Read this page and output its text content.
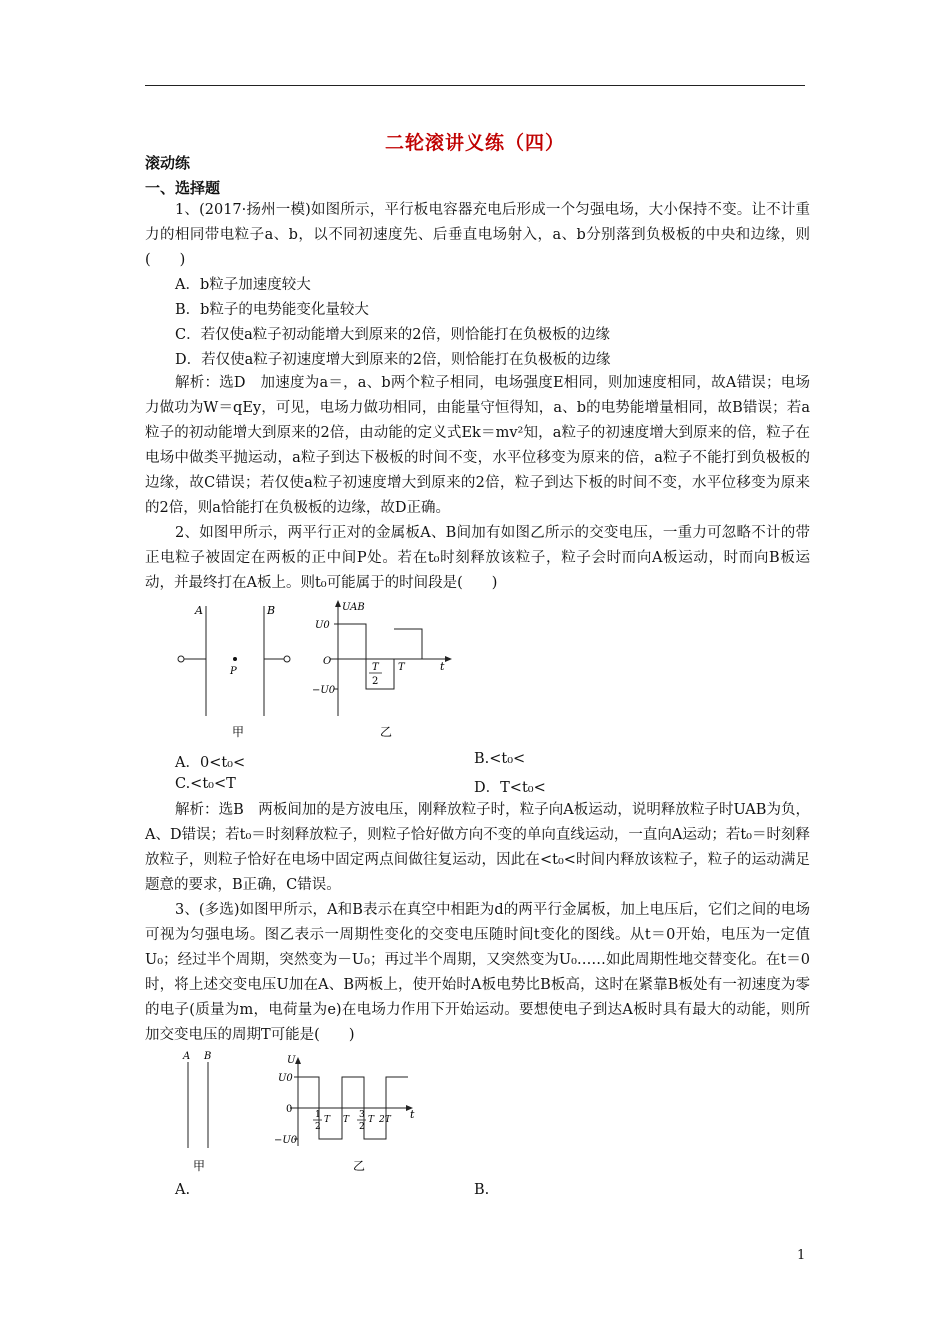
二轮滚讲义练（四）
滚动练
一、选择题
1、(2017·扬州一模)如图所示，平行板电容器充电后形成一个匀强电场，大小保持不变。让不计重力的相同带电粒子a、b，以不同初速度先、后垂直电场射入，a、b分别落到负极板的中央和边缘，则(　　)
A．b粒子加速度较大
B．b粒子的电势能变化量较大
C．若仅使a粒子初动能增大到原来的2倍，则恰能打在负极板的边缘
D．若仅使a粒子初速度增大到原来的2倍，则恰能打在负极板的边缘
解析：选D　加速度为a＝，a、b两个粒子相同，电场强度E相同，则加速度相同，故A错误；电场力做功为W＝qEy，可见，电场力做功相同，由能量守恒得知，a、b的电势能增量相同，故B错误；若a粒子的初动能增大到原来的2倍，由动能的定义式Ek＝mv²知，a粒子的初速度增大到原来的倍，粒子在电场中做类平抛运动，a粒子到达下极板的时间不变，水平位移变为原来的倍，a粒子不能打到负极板的边缘，故C错误；若仅使a粒子初速度增大到原来的2倍，粒子到达下板的时间不变，水平位移变为原来的2倍，则a恰能打在负极板的边缘，故D正确。
2、如图甲所示，两平行正对的金属板A、B间加有如图乙所示的交变电压，一重力可忽略不计的带正电粒子被固定在两板的正中间P处。若在t₀时刻释放该粒子，粒子会时而向A板运动，时而向B板运动，并最终打在A板上。则t₀可能属于的时间段是(　　)
A	B
P
UAB
U0
O
−U0
T
2
T	t
甲	乙
A．0<t₀<	B.<t₀<
C.<t₀<T	D．T<t₀<
解析：选B　两板间加的是方波电压，刚释放粒子时，粒子向A板运动，说明释放粒子时UAB为负，A、D错误；若t₀＝时刻释放粒子，则粒子恰好做方向不变的单向直线运动，一直向A运动；若t₀＝时刻释放粒子，则粒子恰好在电场中固定两点间做往复运动，因此在<t₀<时间内释放该粒子，粒子的运动满足题意的要求，B正确，C错误。
3、(多选)如图甲所示，A和B表示在真空中相距为d的两平行金属板，加上电压后，它们之间的电场可视为匀强电场。图乙表示一周期性变化的交变电压随时间t变化的图线。从t＝0开始，电压为一定值U₀；经过半个周期，突然变为－U₀；再过半个周期，又突然变为U₀……如此周期性地交替变化。在t＝0时，将上述交变电压U加在A、B两板上，使开始时A板电势比B板高，这时在紧靠B板处有一初速度为零的电子(质量为m，电荷量为e)在电场力作用下开始运动。要想使电子到达A板时具有最大的动能，则所加交变电压的周期T可能是(　　)
A B	U
U0
0
−U0
1
2
T T 3
2
T 2T t
甲	乙
A.	B.
1
